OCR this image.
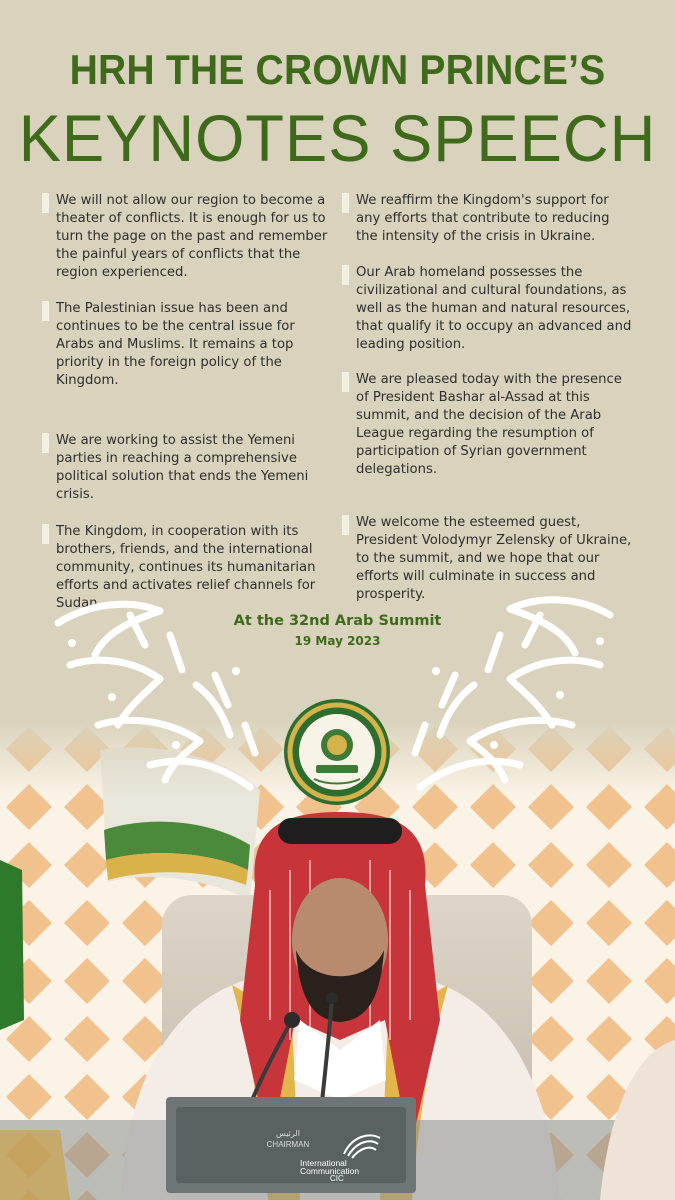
HRH THE CROWN PRINCE’S
KEYNOTES SPEECH
We will not allow our region to become a theater of conflicts. It is enough for us to turn the page on the past and remember the painful years of conflicts that the region experienced.
The Palestinian issue has been and continues to be the central issue for Arabs and Muslims. It remains a top priority in the foreign policy of the Kingdom.
We are working to assist the Yemeni parties in reaching a comprehensive political solution that ends the Yemeni crisis.
The Kingdom, in cooperation with its brothers, friends, and the international community, continues its humanitarian efforts and activates relief channels for Sudan.
We reaffirm the Kingdom's support for any efforts that contribute to reducing the intensity of the crisis in Ukraine.
Our Arab homeland possesses the civilizational and cultural foundations, as well as the human and natural resources, that qualify it to occupy an advanced and leading position.
We are pleased today with the presence of President Bashar al-Assad at this summit, and the decision of the Arab League regarding the resumption of participation of Syrian government delegations.
We welcome the esteemed guest, President Volodymyr Zelensky of Ukraine, to the summit, and we hope that our efforts will culminate in success and prosperity.
At the 32nd Arab Summit
19 May 2023
الرئيس
CHAIRMAN
International
Communication
CIC
